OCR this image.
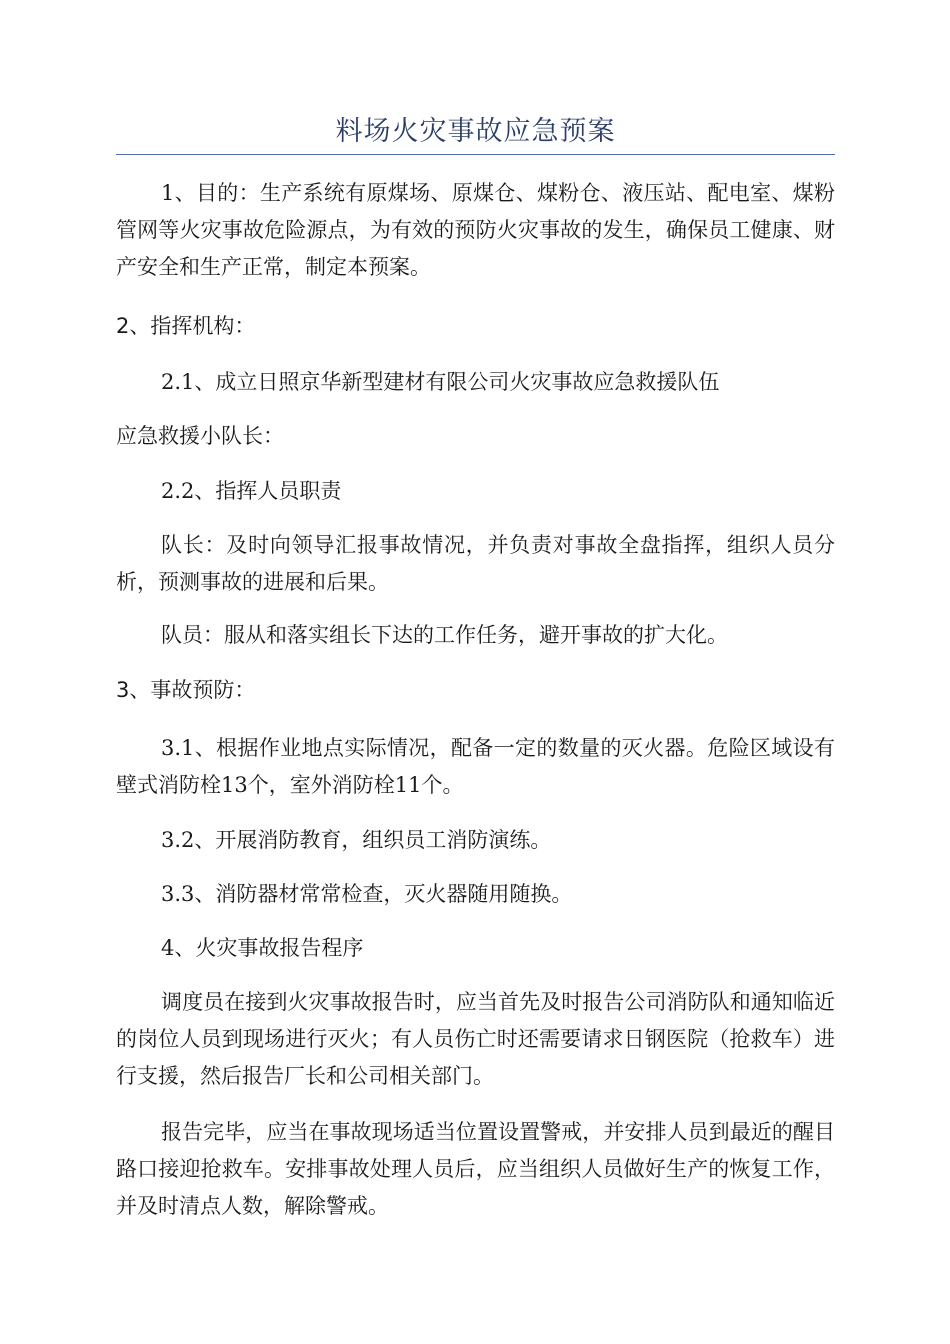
料场火灾事故应急预案

1、目的：生产系统有原煤场、原煤仓、煤粉仓、液压站、配电室、煤粉管网等火灾事故危险源点，为有效的预防火灾事故的发生，确保员工健康、财产安全和生产正常，制定本预案。

2、指挥机构：

2.1、成立日照京华新型建材有限公司火灾事故应急救援队伍

应急救援小队长：

2.2、指挥人员职责

队长：及时向领导汇报事故情况，并负责对事故全盘指挥，组织人员分析，预测事故的进展和后果。

队员：服从和落实组长下达的工作任务，避开事故的扩大化。

3、事故预防：

3.1、根据作业地点实际情况，配备一定的数量的灭火器。危险区域设有壁式消防栓13个，室外消防栓11个。

3.2、开展消防教育，组织员工消防演练。

3.3、消防器材常常检查，灭火器随用随换。

4、火灾事故报告程序

调度员在接到火灾事故报告时，应当首先及时报告公司消防队和通知临近的岗位人员到现场进行灭火；有人员伤亡时还需要请求日钢医院（抢救车）进行支援，然后报告厂长和公司相关部门。

报告完毕，应当在事故现场适当位置设置警戒，并安排人员到最近的醒目路口接迎抢救车。安排事故处理人员后，应当组织人员做好生产的恢复工作，并及时清点人数，解除警戒。
